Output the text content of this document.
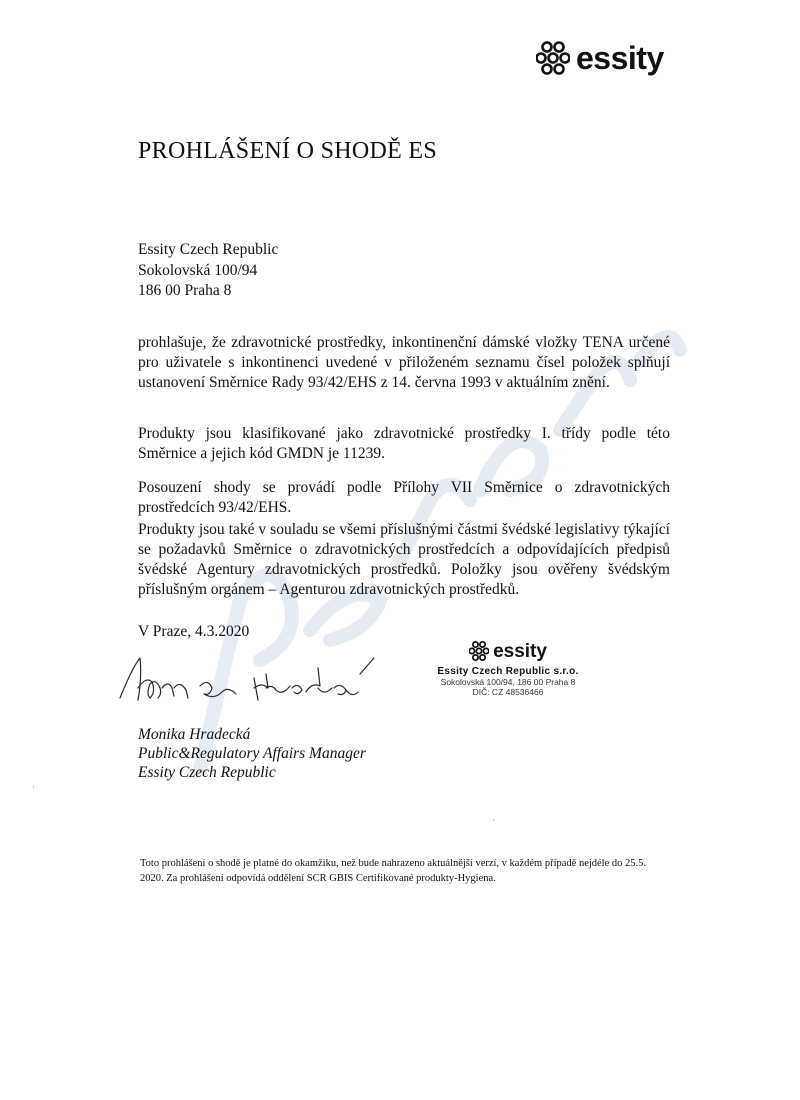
essity
PROHLÁŠENÍ O SHODĚ ES
Essity Czech Republic
Sokolovská 100/94
186 00 Praha 8

prohlašuje, že zdravotnické prostředky, inkontinenční dámské vložky TENA určené pro uživatele s inkontinenci uvedené v přiloženém seznamu čísel položek splňují ustanovení Směrnice Rady 93/42/EHS z 14. června 1993 v aktuálním znění.

Produkty jsou klasifikované jako zdravotnické prostředky I. třídy podle této Směrnice a jejich kód GMDN je 11239.

Posouzení shody se provádí podle Přílohy VII Směrnice o zdravotnických prostředcích 93/42/EHS.

Produkty jsou také v souladu se všemi příslušnými částmi švédské legislativy týkající se požadavků Směrnice o zdravotnických prostředcích a odpovídajících předpisů švédské Agentury zdravotnických prostředků. Položky jsou ověřeny švédským příslušným orgánem – Agenturou zdravotnických prostředků.

V Praze, 4.3.2020
essity
Essity Czech Republic s.r.o.
Sokolovská 100/94, 186 00 Praha 8
DIČ: CZ 48536466
Monika Hradecká
Public&Regulatory Affairs Manager
Essity Czech Republic
·
·

Toto prohlášení o shodě je platné do okamžiku, než bude nahrazeno aktuálnější verzí, v každém případě nejdéle do 25.5. 2020. Za prohlášení odpovídá oddělení SCR GBIS Certifikované produkty-Hygiena.
